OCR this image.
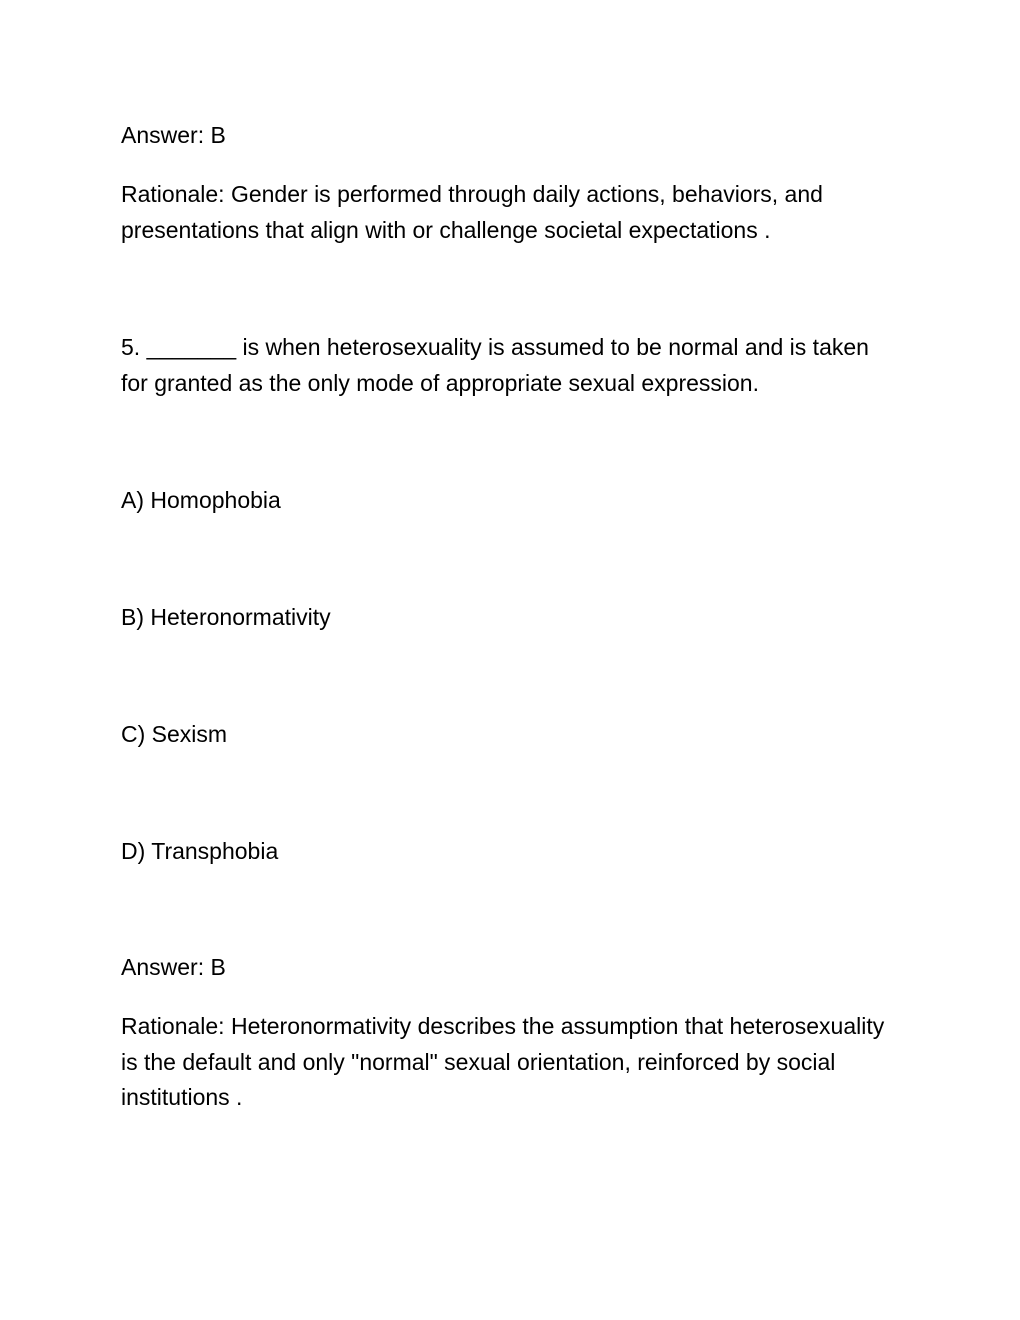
Answer: B

Rationale: Gender is performed through daily actions, behaviors, and presentations that align with or challenge societal expectations .

5. _______ is when heterosexuality is assumed to be normal and is taken for granted as the only mode of appropriate sexual expression.

A) Homophobia

B) Heteronormativity

C) Sexism

D) Transphobia

Answer: B

Rationale: Heteronormativity describes the assumption that heterosexuality is the default and only "normal" sexual orientation, reinforced by social institutions .
